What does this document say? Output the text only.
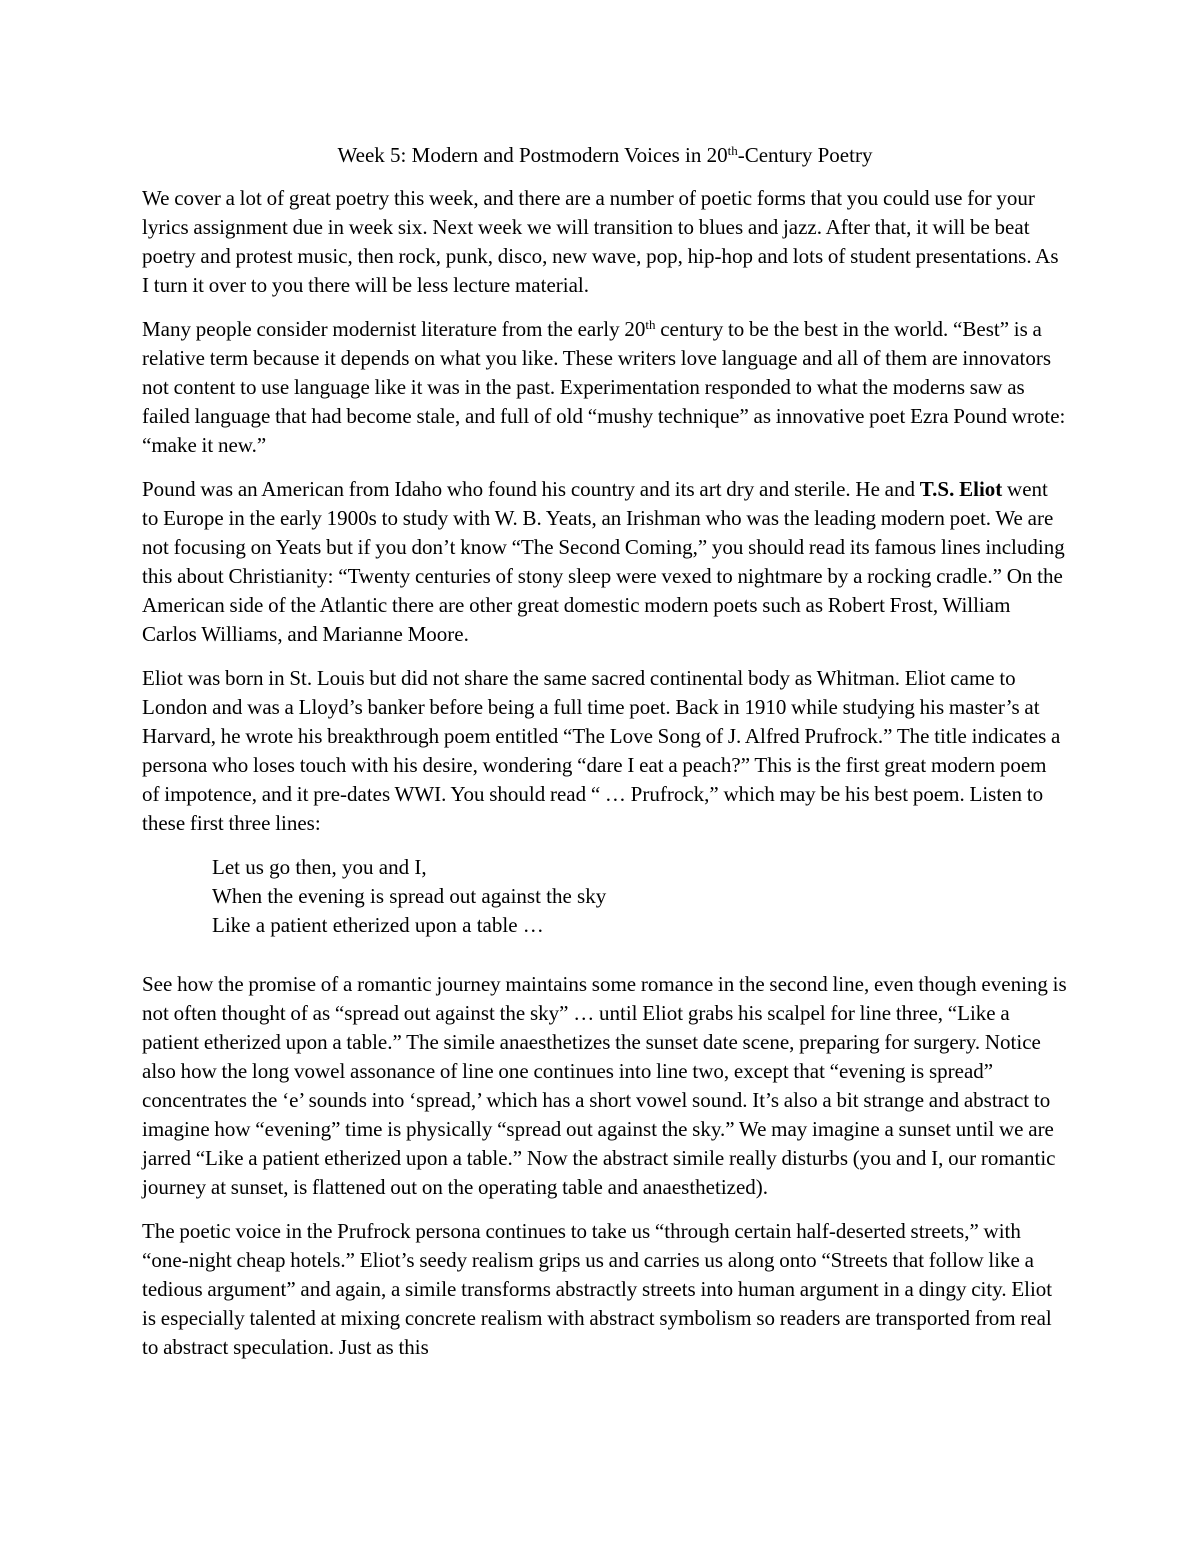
Week 5: Modern and Postmodern Voices in 20th-Century Poetry

We cover a lot of great poetry this week, and there are a number of poetic forms that you could use for your lyrics assignment due in week six. Next week we will transition to blues and jazz. After that, it will be beat poetry and protest music, then rock, punk, disco, new wave, pop, hip-hop and lots of student presentations. As I turn it over to you there will be less lecture material.

Many people consider modernist literature from the early 20th century to be the best in the world. “Best” is a relative term because it depends on what you like. These writers love language and all of them are innovators not content to use language like it was in the past. Experimentation responded to what the moderns saw as failed language that had become stale, and full of old “mushy technique” as innovative poet Ezra Pound wrote: “make it new.”

Pound was an American from Idaho who found his country and its art dry and sterile. He and T.S. Eliot went to Europe in the early 1900s to study with W. B. Yeats, an Irishman who was the leading modern poet. We are not focusing on Yeats but if you don’t know “The Second Coming,” you should read its famous lines including this about Christianity: “Twenty centuries of stony sleep were vexed to nightmare by a rocking cradle.” On the American side of the Atlantic there are other great domestic modern poets such as Robert Frost, William Carlos Williams, and Marianne Moore.

Eliot was born in St. Louis but did not share the same sacred continental body as Whitman. Eliot came to London and was a Lloyd’s banker before being a full time poet. Back in 1910 while studying his master’s at Harvard, he wrote his breakthrough poem entitled “The Love Song of J. Alfred Prufrock.” The title indicates a persona who loses touch with his desire, wondering “dare I eat a peach?” This is the first great modern poem of impotence, and it pre-dates WWI. You should read “ … Prufrock,” which may be his best poem. Listen to these first three lines:

Let us go then, you and I,
When the evening is spread out against the sky
Like a patient etherized upon a table …

See how the promise of a romantic journey maintains some romance in the second line, even though evening is not often thought of as “spread out against the sky” … until Eliot grabs his scalpel for line three, “Like a patient etherized upon a table.” The simile anaesthetizes the sunset date scene, preparing for surgery. Notice also how the long vowel assonance of line one continues into line two, except that “evening is spread” concentrates the ‘e’ sounds into ‘spread,’ which has a short vowel sound. It’s also a bit strange and abstract to imagine how “evening” time is physically “spread out against the sky.” We may imagine a sunset until we are jarred “Like a patient etherized upon a table.” Now the abstract simile really disturbs (you and I, our romantic journey at sunset, is flattened out on the operating table and anaesthetized).

The poetic voice in the Prufrock persona continues to take us “through certain half-deserted streets,” with “one-night cheap hotels.” Eliot’s seedy realism grips us and carries us along onto “Streets that follow like a tedious argument” and again, a simile transforms abstractly streets into human argument in a dingy city. Eliot is especially talented at mixing concrete realism with abstract symbolism so readers are transported from real to abstract speculation. Just as this
